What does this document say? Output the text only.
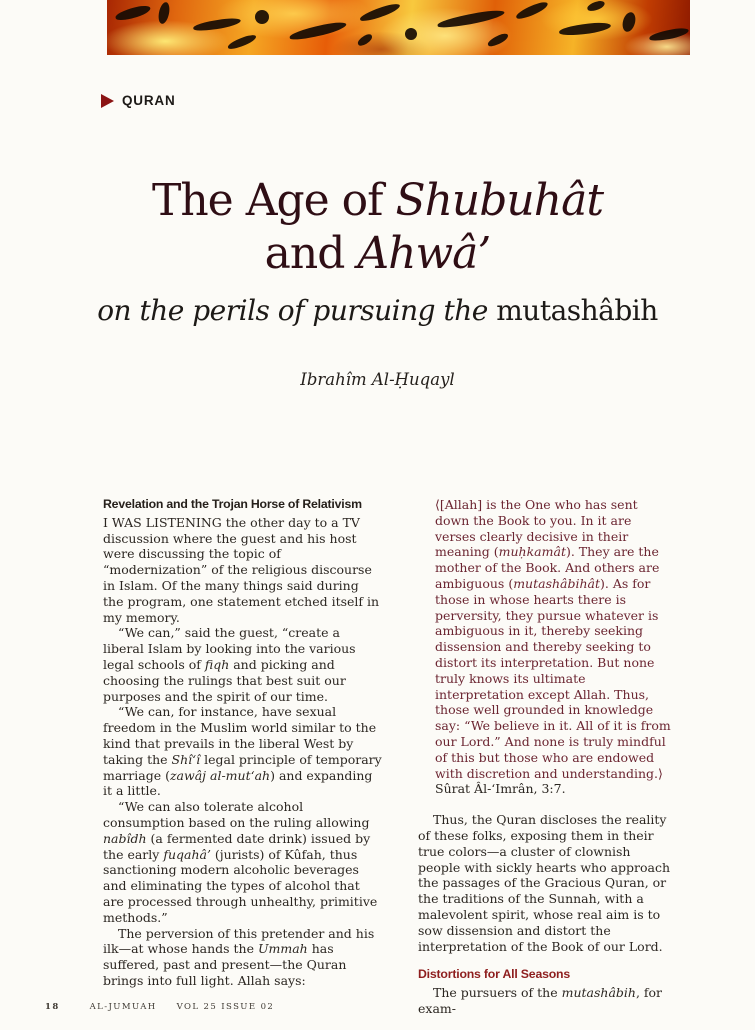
QURAN
The Age of Shubuhât
and Ahwâ’
on the perils of pursuing the mutashâbih
Ibrahîm Al-Ḥuqayl
Revelation and the Trojan Horse of Relativism

I WAS LISTENING the other day to a TV discussion where the guest and his host were discussing the topic of “modernization” of the religious discourse in Islam. Of the many things said during the program, one statement etched itself in my memory.

“We can,” said the guest, “create a liberal Islam by looking into the various legal schools of fiqh and picking and choosing the rulings that best suit our purposes and the spirit of our time.

“We can, for instance, have sexual freedom in the Muslim world similar to the kind that prevails in the liberal West by taking the Shî‘î legal principle of temporary marriage (zawâj al-mut‘ah) and expanding it a little.

“We can also tolerate alcohol consumption based on the ruling allowing nabîdh (a fermented date drink) issued by the early fuqahâ’ (jurists) of Kûfah, thus sanctioning modern alcoholic beverages and eliminating the types of alcohol that are processed through unhealthy, primitive methods.”

The perversion of this pretender and his ilk—at whose hands the Ummah has suffered, past and present—the Quran brings into full light. Allah says:

⟨[Allah] is the One who has sent down the Book to you. In it are verses clearly decisive in their meaning (muḥkamât). They are the mother of the Book. And others are ambiguous (mutashâbihât). As for those in whose hearts there is perversity, they pursue whatever is ambiguous in it, thereby seeking dissension and thereby seeking to distort its interpretation. But none truly knows its ultimate interpretation except Allah. Thus, those well grounded in knowledge say: “We believe in it. All of it is from our Lord.” And none is truly mindful of this but those who are endowed with discretion and understanding.⟩ Sûrat Âl-‘Imrân, 3:7.

Thus, the Quran discloses the reality of these folks, exposing them in their true colors—a cluster of clownish people with sickly hearts who approach the passages of the Gracious Quran, or the traditions of the Sunnah, with a malevolent spirit, whose real aim is to sow dissension and distort the interpretation of the Book of our Lord.

Distortions for All Seasons

The pursuers of the mutashâbih, for exam-

18	AL-JUMUAH VOL 25 ISSUE 02
